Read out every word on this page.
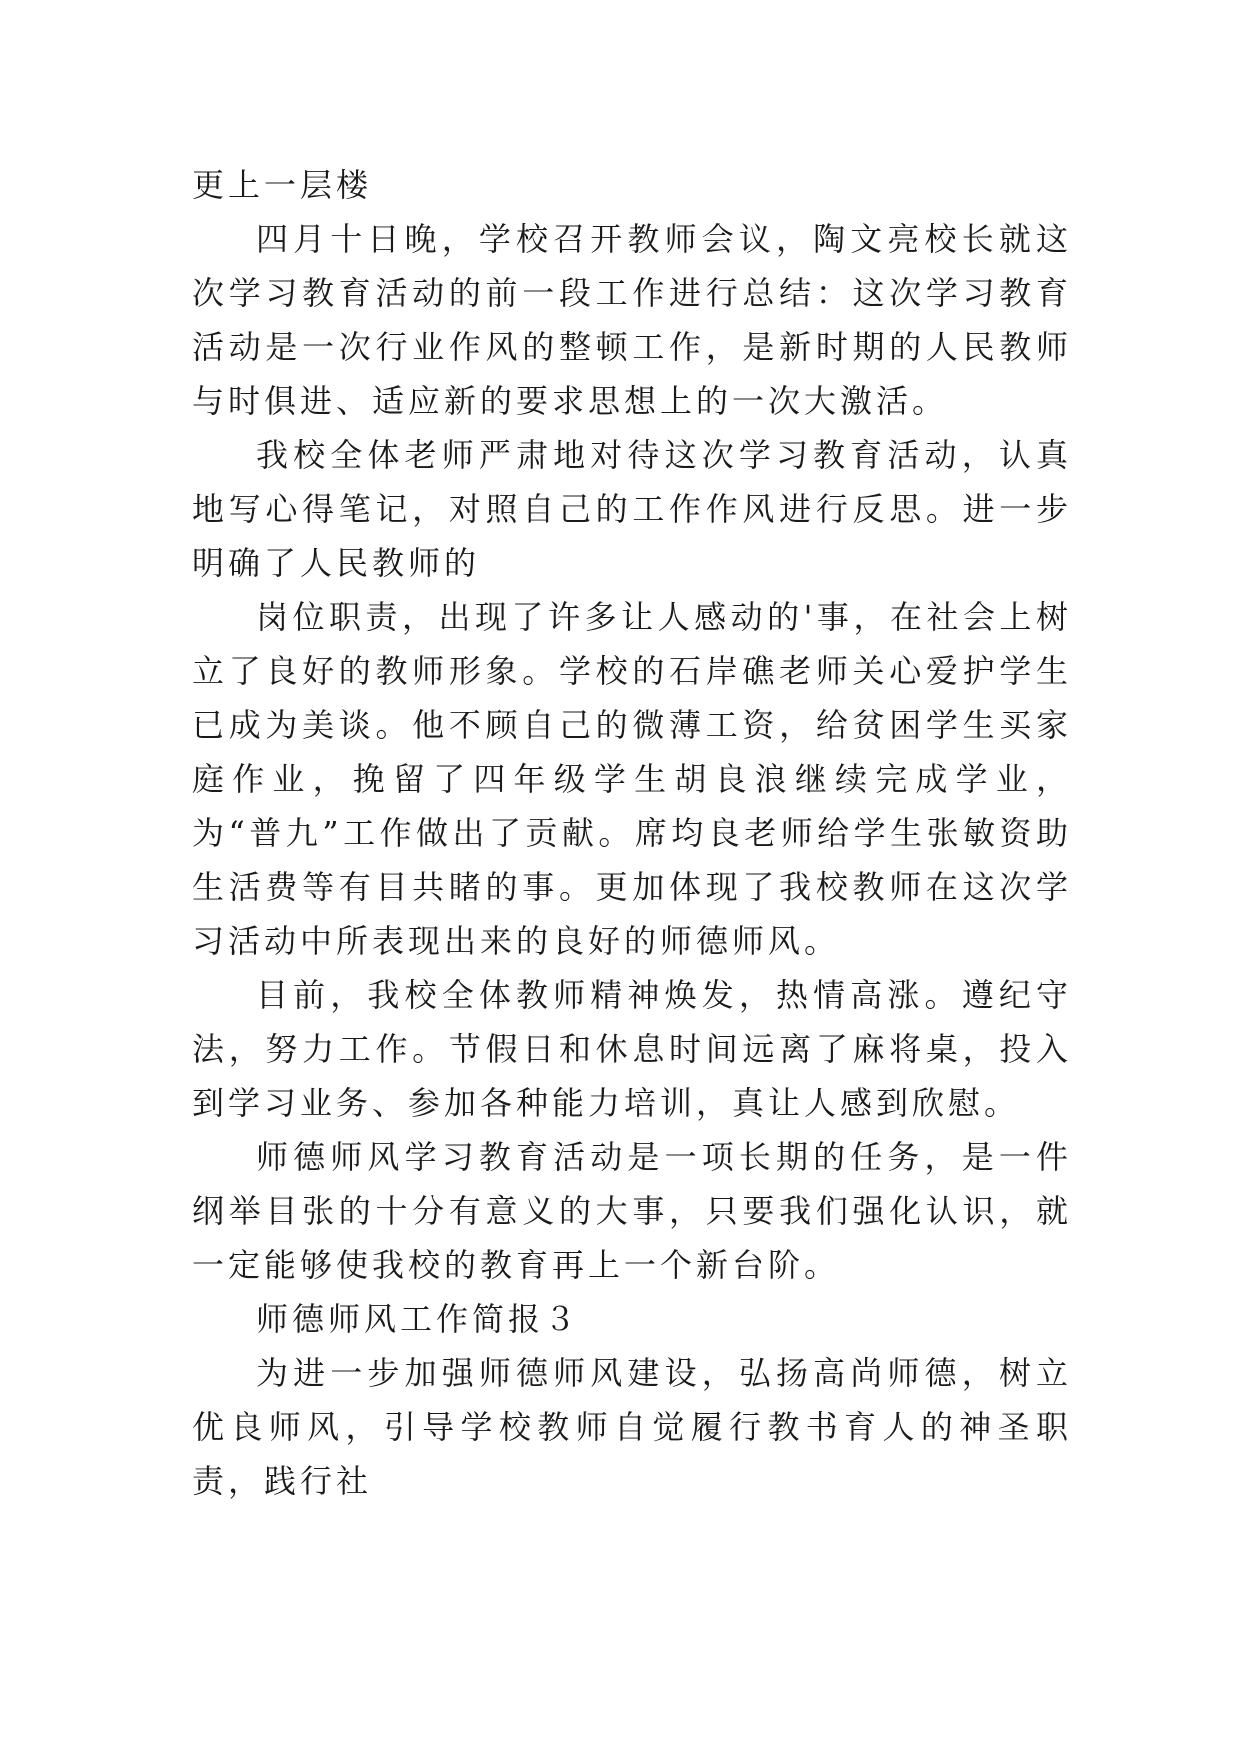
更上一层楼

四月十日晚，学校召开教师会议，陶文亮校长就这次学习教育活动的前一段工作进行总结：这次学习教育活动是一次行业作风的整顿工作，是新时期的人民教师与时俱进、适应新的要求思想上的一次大激活。

我校全体老师严肃地对待这次学习教育活动，认真地写心得笔记，对照自己的工作作风进行反思。进一步明确了人民教师的

岗位职责，出现了许多让人感动的'事，在社会上树立了良好的教师形象。学校的石岸礁老师关心爱护学生已成为美谈。他不顾自己的微薄工资，给贫困学生买家庭作业，挽留了四年级学生胡良浪继续完成学业，为“普九”工作做出了贡献。席均良老师给学生张敏资助生活费等有目共睹的事。更加体现了我校教师在这次学习活动中所表现出来的良好的师德师风。

目前，我校全体教师精神焕发，热情高涨。遵纪守法，努力工作。节假日和休息时间远离了麻将桌，投入到学习业务、参加各种能力培训，真让人感到欣慰。

师德师风学习教育活动是一项长期的任务，是一件纲举目张的十分有意义的大事，只要我们强化认识，就一定能够使我校的教育再上一个新台阶。

师德师风工作简报３

为进一步加强师德师风建设，弘扬高尚师德，树立优良师风，引导学校教师自觉履行教书育人的神圣职责，践行社
